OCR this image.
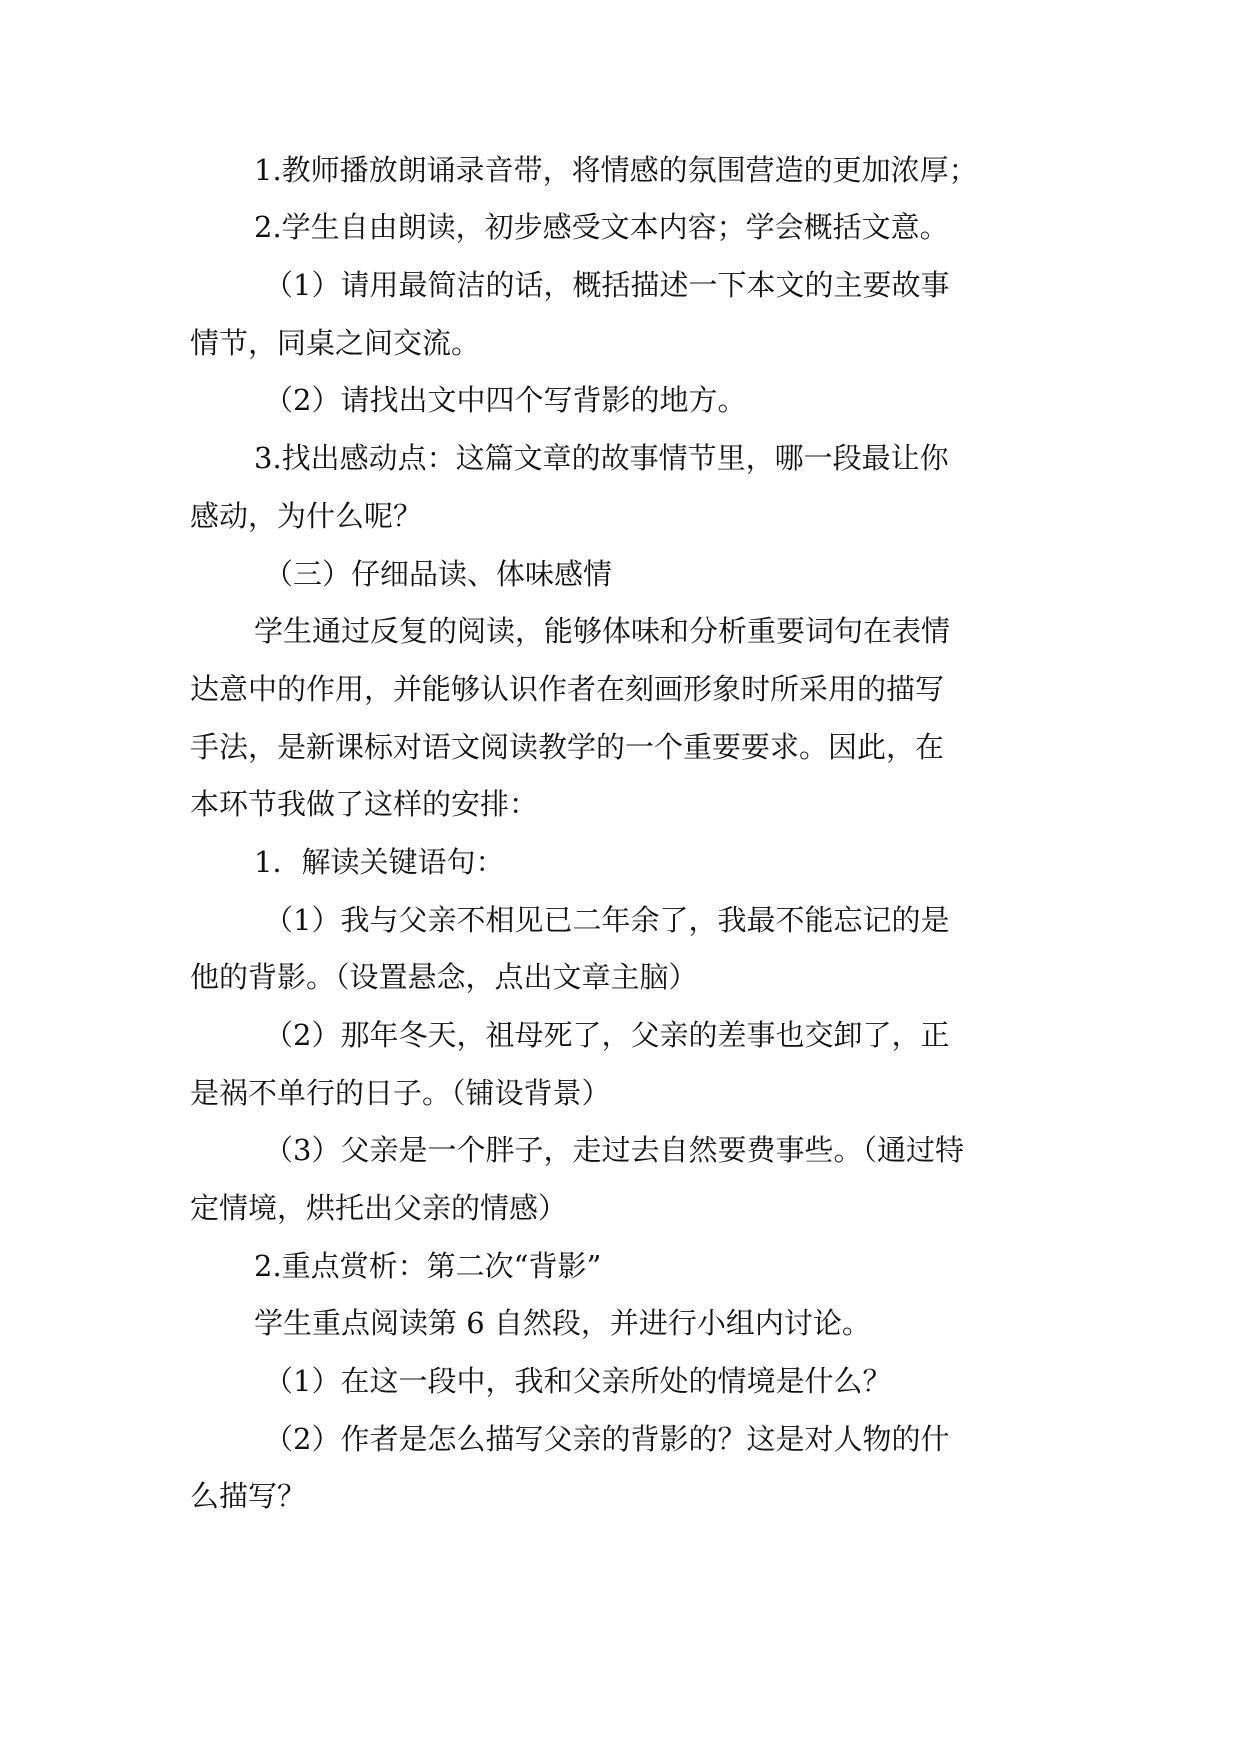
1.教师播放朗诵录音带，将情感的氛围营造的更加浓厚；
2.学生自由朗读，初步感受文本内容；学会概括文意。
（1）请用最简洁的话，概括描述一下本文的主要故事
情节，同桌之间交流。
（2）请找出文中四个写背影的地方。
3.找出感动点：这篇文章的故事情节里，哪一段最让你
感动，为什么呢？
（三）仔细品读、体味感情
学生通过反复的阅读，能够体味和分析重要词句在表情
达意中的作用，并能够认识作者在刻画形象时所采用的描写
手法，是新课标对语文阅读教学的一个重要要求。因此，在
本环节我做了这样的安排：
1．解读关键语句：
（1）我与父亲不相见已二年余了，我最不能忘记的是
他的背影。（设置悬念，点出文章主脑）
（2）那年冬天，祖母死了，父亲的差事也交卸了，正
是祸不单行的日子。（铺设背景）
（3）父亲是一个胖子，走过去自然要费事些。（通过特
定情境，烘托出父亲的情感）
2.重点赏析：第二次“背影”
学生重点阅读第 6 自然段，并进行小组内讨论。
（1）在这一段中，我和父亲所处的情境是什么？
（2）作者是怎么描写父亲的背影的？这是对人物的什
么描写？
